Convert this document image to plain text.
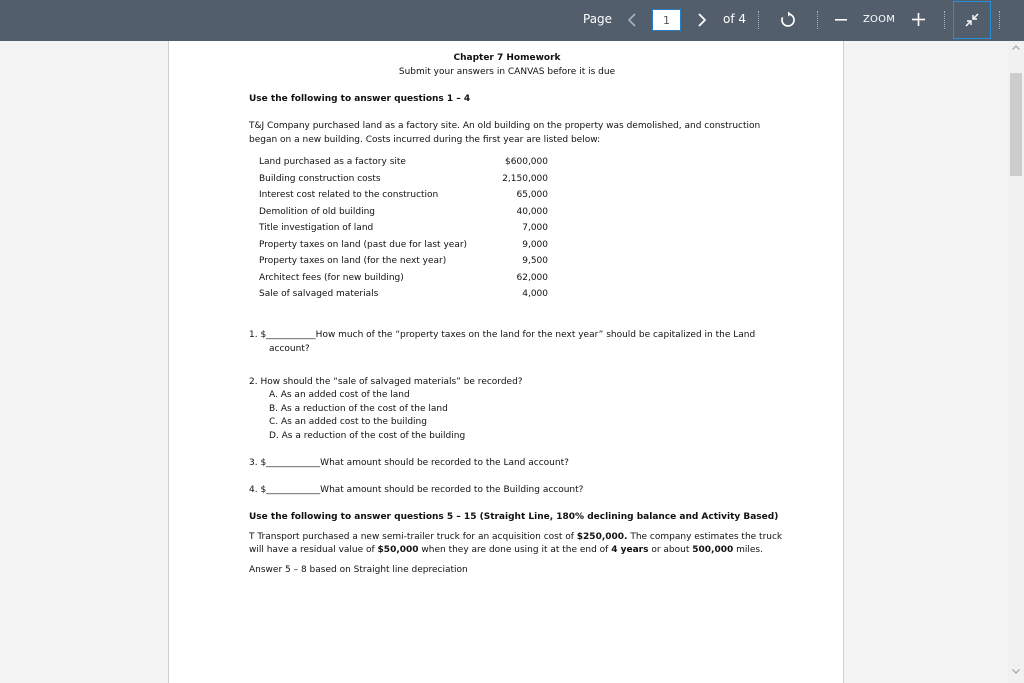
Page	1	of 4	ZOOM
Chapter 7 Homework
Submit your answers in CANVAS before it is due
Use the following to answer questions 1 – 4
T&J Company purchased land as a factory site. An old building on the property was demolished, and construction
began on a new building. Costs incurred during the first year are listed below:
Land purchased as a factory site	$600,000
Building construction costs	2,150,000
Interest cost related to the construction	65,000
Demolition of old building	40,000
Title investigation of land	7,000
Property taxes on land (past due for last year)	9,000
Property taxes on land (for the next year)	9,500
Architect fees (for new building)	62,000
Sale of salvaged materials	4,000
1. $___________How much of the “property taxes on the land for the next year” should be capitalized in the Land
account?
2. How should the “sale of salvaged materials” be recorded?
A. As an added cost of the land
B. As a reduction of the cost of the land
C. As an added cost to the building
D. As a reduction of the cost of the building
3. $____________What amount should be recorded to the Land account?
4. $____________What amount should be recorded to the Building account?
Use the following to answer questions 5 – 15 (Straight Line, 180% declining balance and Activity Based)
T Transport purchased a new semi-trailer truck for an acquisition cost of $250,000. The company estimates the truck
will have a residual value of $50,000 when they are done using it at the end of 4 years or about 500,000 miles.
Answer 5 – 8 based on Straight line depreciation
